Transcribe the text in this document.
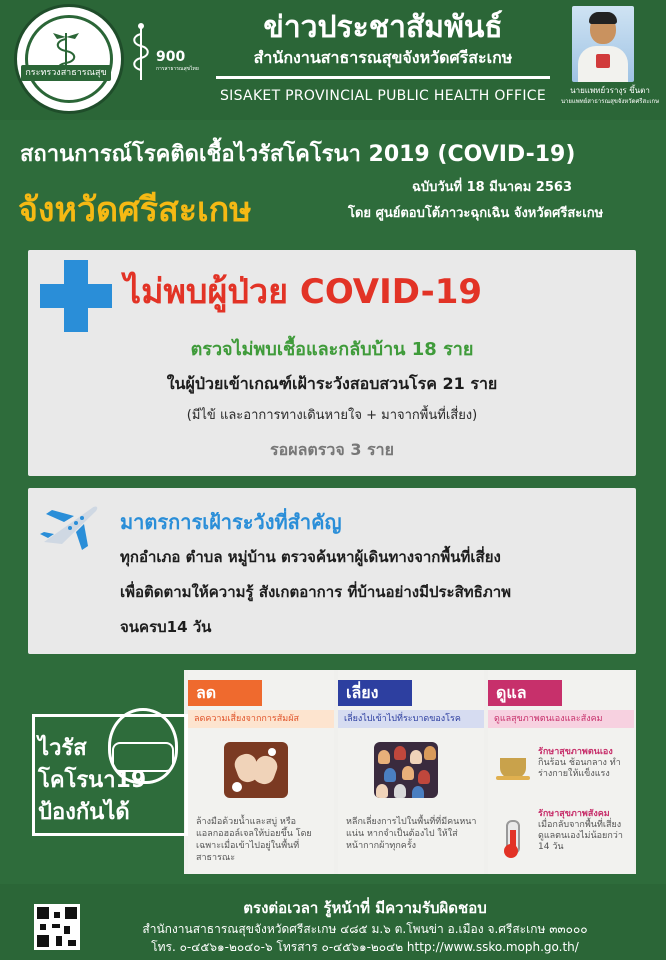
กระทรวงสาธารณสุข
900
การสาธารณสุขไทย
ข่าวประชาสัมพันธ์
สำนักงานสาธารณสุขจังหวัดศรีสะเกษ
SISAKET PROVINCIAL PUBLIC HEALTH OFFICE	นายแพทย์วรางุร ขึ้นตา
นายแพทย์สาธารณสุขจังหวัดศรีสะเกษ
สถานการณ์โรคติดเชื้อไวรัสโคโรนา 2019 (COVID-19)
จังหวัดศรีสะเกษ
ฉบับวันที่ 18 มีนาคม 2563
โดย ศูนย์ตอบโต้ภาวะฉุกเฉิน จังหวัดศรีสะเกษ
ไม่พบผู้ป่วย COVID-19
ตรวจไม่พบเชื้อและกลับบ้าน 18 ราย
ในผู้ป่วยเข้าเกณฑ์เฝ้าระวังสอบสวนโรค 21 ราย
(มีไข้ และอาการทางเดินหายใจ + มาจากพื้นที่เสี่ยง)
รอผลตรวจ 3 ราย
มาตรการเฝ้าระวังที่สำคัญ
ทุกอำเภอ ตำบล หมู่บ้าน ตรวจค้นหาผู้เดินทางจากพื้นที่เสี่ยง
เพื่อติดตามให้ความรู้ สังเกตอาการ ที่บ้านอย่างมีประสิทธิภาพ
จนครบ14 วัน
ไวรัส
โคโรนา19
ป้องกันได้
ลด
ลดความเสี่ยงจากการสัมผัส
ล้างมือด้วยน้ำและสบู่ หรือแอลกอฮอล์เจลให้บ่อยขึ้น โดยเฉพาะเมื่อเข้าไปอยู่ในพื้นที่สาธารณะ
เลี่ยง
เลี่ยงไปเข้าไปที่ระบาดของโรค
หลีกเลี่ยงการไปในพื้นที่ที่มีคนหนาแน่น หากจำเป็นต้องไป ให้ใส่หน้ากากผ้าทุกครั้ง
ดูแล
ดูแลสุขภาพตนเองและสังคม
รักษาสุขภาพตนเอง
กินร้อน ช้อนกลาง ทำร่างกายให้แข็งแรง
รักษาสุขภาพสังคม
เมื่อกลับจากพื้นที่เสี่ยง ดูแลตนเองไม่น้อยกว่า 14 วัน
ตรงต่อเวลา รู้หน้าที่ มีความรับผิดชอบ
สำนักงานสาธารณสุขจังหวัดศรีสะเกษ ๔๘๕ ม.๖ ต.โพนข่า อ.เมือง จ.ศรีสะเกษ ๓๓๐๐๐
โทร. ๐-๔๕๖๑-๒๐๔๐-๖ โทรสาร ๐-๔๕๖๑-๒๐๔๒ http://www.ssko.moph.go.th/
